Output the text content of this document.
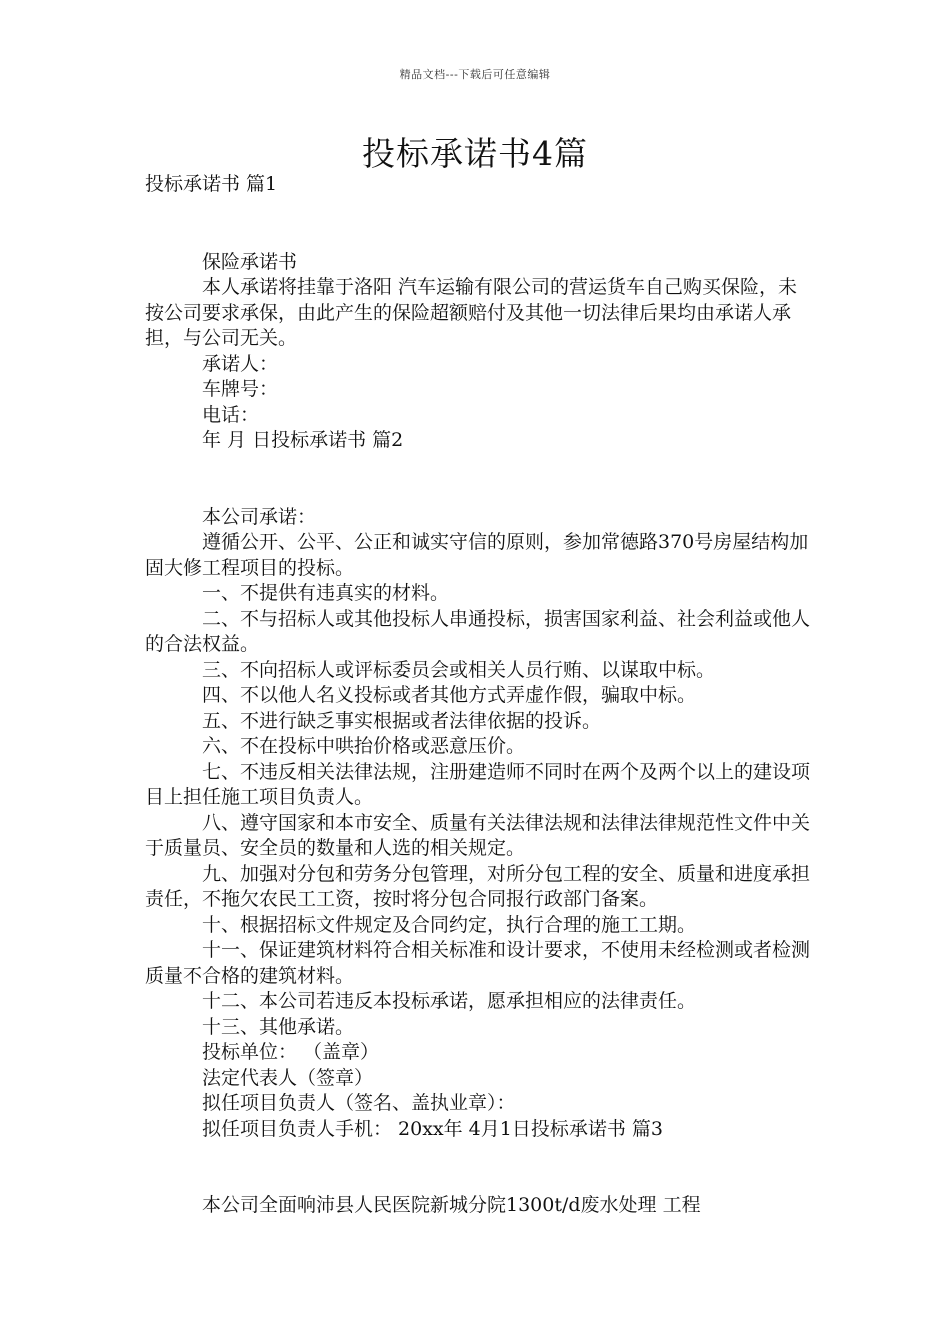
精品文档---下载后可任意编辑
投标承诺书4篇

投标承诺书 篇1

保险承诺书

本人承诺将挂靠于洛阳 汽车运输有限公司的营运货车自己购买保险，未按公司要求承保，由此产生的保险超额赔付及其他一切法律后果均由承诺人承担，与公司无关。

承诺人：

车牌号：

电话：

年 月 日投标承诺书 篇2

本公司承诺：

遵循公开、公平、公正和诚实守信的原则，参加常德路370号房屋结构加固大修工程项目的投标。

一、不提供有违真实的材料。

二、不与招标人或其他投标人串通投标，损害国家利益、社会利益或他人的合法权益。

三、不向招标人或评标委员会或相关人员行贿、以谋取中标。

四、不以他人名义投标或者其他方式弄虚作假，骗取中标。

五、不进行缺乏事实根据或者法律依据的投诉。

六、不在投标中哄抬价格或恶意压价。

七、不违反相关法律法规，注册建造师不同时在两个及两个以上的建设项目上担任施工项目负责人。

八、遵守国家和本市安全、质量有关法律法规和法律法律规范性文件中关于质量员、安全员的数量和人选的相关规定。

九、加强对分包和劳务分包管理，对所分包工程的安全、质量和进度承担责任，不拖欠农民工工资，按时将分包合同报行政部门备案。

十、根据招标文件规定及合同约定，执行合理的施工工期。

十一、保证建筑材料符合相关标准和设计要求，不使用未经检测或者检测质量不合格的建筑材料。

十二、本公司若违反本投标承诺，愿承担相应的法律责任。

十三、其他承诺。

投标单位： （盖章）

法定代表人（签章）

拟任项目负责人（签名、盖执业章）：

拟任项目负责人手机： 20xx年 4月1日投标承诺书 篇3

本公司全面响沛县人民医院新城分院1300t/d废水处理 工程
